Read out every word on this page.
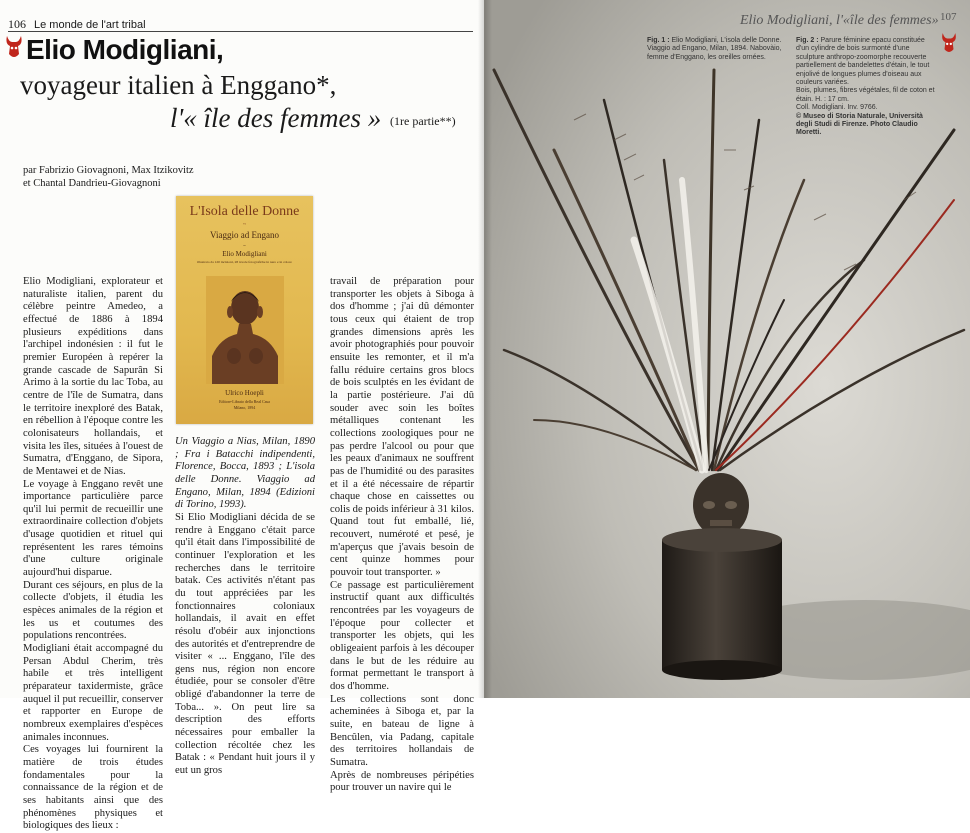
106 Le monde de l'art tribal
Elio Modigliani,
voyageur italien à Enggano*,
l'« île des femmes » (1re partie**)
par Fabrizio Giovagnoni, Max Itzikovitz
et Chantal Dandrieu-Giovagnoni
L'Isola delle Donne
~
Viaggio ad Engano
~
Elio Modigliani
illustrato da 120 incisioni, 28 tavole fotografiche in nero e in colore
Ulrico Hoepli
Editore-Libraio della Real Casa
Milano, 1894

Elio Modigliani, explorateur et naturaliste italien, parent du célèbre peintre Amedeo, a effectué de 1886 à 1894 plusieurs expéditions dans l'archipel indonésien : il fut le premier Européen à repérer la grande cascade de Sapurân Si Arimo à la sortie du lac Toba, au centre de l'île de Sumatra, dans le territoire inexploré des Batak, en rébellion à l'époque contre les colonisateurs hollandais, et visita les îles, situées à l'ouest de Sumatra, d'Enggano, de Sipora, de Mentawei et de Nias.

Le voyage à Enggano revêt une importance particulière parce qu'il lui permit de recueillir une extraordinaire collection d'objets d'usage quotidien et rituel qui représentent les rares témoins d'une culture originale aujourd'hui disparue.

Durant ces séjours, en plus de la collecte d'objets, il étudia les espèces animales de la région et les us et coutumes des populations rencontrées.

Modigliani était accompagné du Persan Abdul Cherim, très habile et très intelligent préparateur taxidermiste, grâce auquel il put recueillir, conserver et rapporter en Europe de nombreux exemplaires d'espèces animales inconnues.

Ces voyages lui fournirent la matière de trois études fondamentales pour la connaissance de la région et de ses habitants ainsi que des phénomènes physiques et biologiques des lieux :

Un Viaggio a Nias, Milan, 1890 ; Fra i Batacchi indipendenti, Florence, Bocca, 1893 ; L'isola delle Donne. Viaggio ad Engano, Milan, 1894 (Edizioni di Torino, 1993).

Si Elio Modigliani décida de se rendre à Enggano c'était parce qu'il était dans l'impossibilité de continuer l'exploration et les recherches dans le territoire batak. Ces activités n'étant pas du tout appréciées par les fonctionnaires coloniaux hollandais, il avait en effet résolu d'obéir aux injonctions des autorités et d'entreprendre de visiter « ... Enggano, l'île des gens nus, région non encore étudiée, pour se consoler d'être obligé d'abandonner la terre de Toba... ». On peut lire sa description des efforts nécessaires pour emballer la collection récoltée chez les Batak : « Pendant huit jours il y eut un gros

travail de préparation pour transporter les objets à Siboga à dos d'homme ; j'ai dû démonter tous ceux qui étaient de trop grandes dimensions après les avoir photographiés pour pouvoir ensuite les remonter, et il m'a fallu réduire certains gros blocs de bois sculptés en les évidant de la partie postérieure. J'ai dû souder avec soin les boîtes métalliques contenant les collections zoologiques pour ne pas perdre l'alcool ou pour que les peaux d'animaux ne souffrent pas de l'humidité ou des parasites et il a été nécessaire de répartir chaque chose en caissettes ou colis de poids inférieur à 31 kilos. Quand tout fut emballé, lié, recouvert, numéroté et pesé, je m'aperçus que j'avais besoin de cent quinze hommes pour pouvoir tout transporter. »

Ce passage est particulièrement instructif quant aux difficultés rencontrées par les voyageurs de l'époque pour collecter et transporter les objets, qui les obligeaient parfois à les découper dans le but de les réduire au format permettant le transport à dos d'homme.

Les collections sont donc acheminées à Siboga et, par la suite, en bateau de ligne à Bencûlen, via Padang, capitale des territoires hollandais de Sumatra.

Après de nombreuses péripéties pour trouver un navire qui le

Elio Modigliani, l'«île des femmes» 107
Fig. 1 : Elio Modigliani, L'isola delle Donne. Viaggio ad Engano, Milan, 1894. Nabovàio, femme d'Enggano, les oreilles ornées.
Fig. 2 : Parure féminine epacu constituée d'un cylindre de bois surmonté d'une sculpture anthropo-zoomorphe recouverte partiellement de bandelettes d'étain, le tout enjolivé de longues plumes d'oiseau aux couleurs variées.
Bois, plumes, fibres végétales, fil de coton et étain. H. : 17 cm.
Coll. Modigliani. Inv. 9766.
© Museo di Storia Naturale, Università degli Studi di Firenze. Photo Claudio Moretti.
